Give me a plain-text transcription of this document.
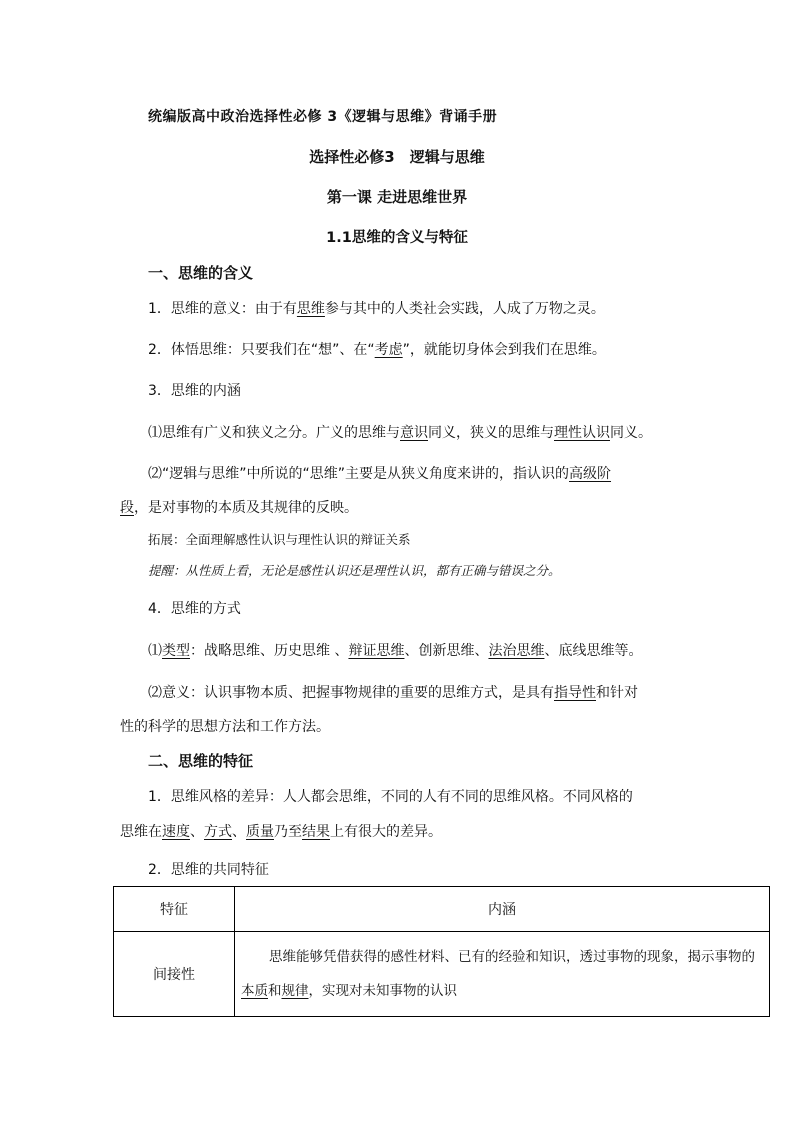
统编版高中政治选择性必修 3《逻辑与思维》背诵手册
选择性必修3　逻辑与思维
第一课 走进思维世界
1.1思维的含义与特征
一、思维的含义
1．思维的意义：由于有思维参与其中的人类社会实践，人成了万物之灵。
2．体悟思维：只要我们在“想”、在“考虑”，就能切身体会到我们在思维。
3．思维的内涵
⑴思维有广义和狭义之分。广义的思维与意识同义，狭义的思维与理性认识同义。
⑵“逻辑与思维”中所说的“思维”主要是从狭义角度来讲的，指认识的高级阶
段，是对事物的本质及其规律的反映。
拓展：全面理解感性认识与理性认识的辩证关系
提醒：从性质上看，无论是感性认识还是理性认识，都有正确与错误之分。
4．思维的方式
⑴类型：战略思维、历史思维 、辩证思维、创新思维、法治思维、底线思维等。
⑵意义：认识事物本质、把握事物规律的重要的思维方式，是具有指导性和针对
性的科学的思想方法和工作方法。
二、思维的特征
1．思维风格的差异：人人都会思维，不同的人有不同的思维风格。不同风格的
思维在速度、方式、质量乃至结果上有很大的差异。
2．思维的共同特征
特征	内涵
间接性	思维能够凭借获得的感性材料、已有的经验和知识，透过事物的现象，揭示事物的本质和规律，实现对未知事物的认识
